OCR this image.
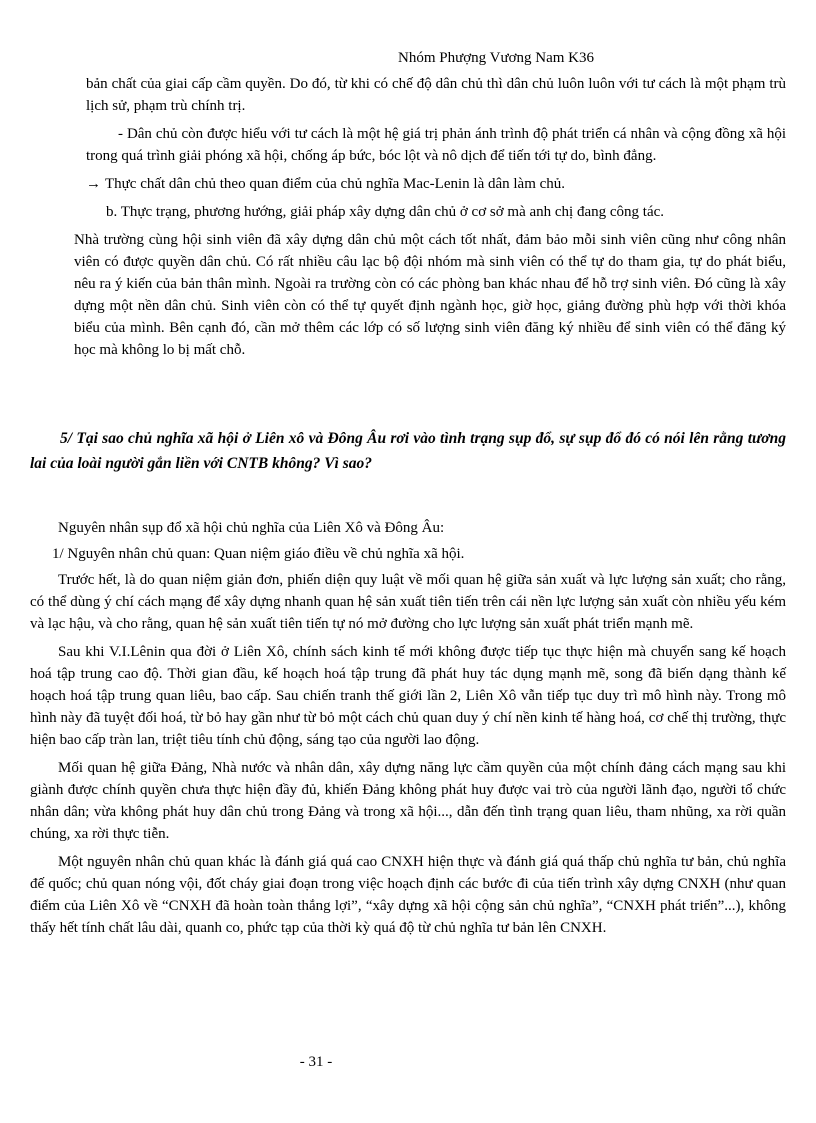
Nhóm Phượng Vương Nam K36

bản chất của giai cấp cầm quyền. Do đó, từ khi có chế độ dân chủ thì dân chủ luôn luôn với tư cách là một phạm trù lịch sử, phạm trù chính trị.

- Dân chủ còn được hiểu với tư cách là một hệ giá trị phản ánh trình độ phát triển cá nhân và cộng đồng xã hội trong quá trình giải phóng xã hội, chống áp bức, bóc lột và nô dịch để tiến tới tự do, bình đẳng.

→ Thực chất dân chủ theo quan điểm của chủ nghĩa Mac-Lenin là dân làm chủ.

b. Thực trạng, phương hướng, giải pháp xây dựng dân chủ ở cơ sở mà anh chị đang công tác.

Nhà trường cùng hội sinh viên đã xây dựng dân chủ một cách tốt nhất, đảm bảo mỗi sinh viên cũng như công nhân viên có được quyền dân chủ. Có rất nhiều câu lạc bộ đội nhóm mà sinh viên có thể tự do tham gia, tự do phát biểu, nêu ra ý kiến của bản thân mình. Ngoài ra trường còn có các phòng ban khác nhau để hỗ trợ sinh viên. Đó cũng là xây dựng một nền dân chủ. Sinh viên còn có thể tự quyết định ngành học, giờ học, giảng đường phù hợp với thời khóa biểu của mình. Bên cạnh đó, cần mở thêm các lớp có số lượng sinh viên đăng ký nhiều để sinh viên có thể đăng ký học mà không lo bị mất chỗ.

5/ Tại sao chủ nghĩa xã hội ở Liên xô và Đông Âu rơi vào tình trạng sụp đổ, sự sụp đổ đó có nói lên rằng tương lai của loài người gắn liền với CNTB không? Vì sao?

Nguyên nhân sụp đổ xã hội chủ nghĩa của Liên Xô và Đông Âu:

1/ Nguyên nhân chủ quan: Quan niệm giáo điều về chủ nghĩa xã hội.

Trước hết, là do quan niệm giản đơn, phiến diện quy luật về mối quan hệ giữa sản xuất và lực lượng sản xuất; cho rằng, có thể dùng ý chí cách mạng để xây dựng nhanh quan hệ sản xuất tiên tiến trên cái nền lực lượng sản xuất còn nhiều yếu kém và lạc hậu, và cho rằng, quan hệ sản xuất tiên tiến tự nó mở đường cho lực lượng sản xuất phát triển mạnh mẽ.

Sau khi V.I.Lênin qua đời ở Liên Xô, chính sách kinh tế mới không được tiếp tục thực hiện mà chuyển sang kế hoạch hoá tập trung cao độ. Thời gian đầu, kế hoạch hoá tập trung đã phát huy tác dụng mạnh mẽ, song đã biến dạng thành kế hoạch hoá tập trung quan liêu, bao cấp. Sau chiến tranh thế giới lần 2, Liên Xô vẫn tiếp tục duy trì mô hình này. Trong mô hình này đã tuyệt đối hoá, từ bỏ hay gần như từ bỏ một cách chủ quan duy ý chí nền kinh tế hàng hoá, cơ chế thị trường, thực hiện bao cấp tràn lan, triệt tiêu tính chủ động, sáng tạo của người lao động.

Mối quan hệ giữa Đảng, Nhà nước và nhân dân, xây dựng năng lực cầm quyền của một chính đảng cách mạng sau khi giành được chính quyền chưa thực hiện đầy đủ, khiến Đảng không phát huy được vai trò của người lãnh đạo, người tổ chức nhân dân; vừa không phát huy dân chủ trong Đảng và trong xã hội..., dẫn đến tình trạng quan liêu, tham nhũng, xa rời quần chúng, xa rời thực tiễn.

Một nguyên nhân chủ quan khác là đánh giá quá cao CNXH hiện thực và đánh giá quá thấp chủ nghĩa tư bản, chủ nghĩa đế quốc; chủ quan nóng vội, đốt cháy giai đoạn trong việc hoạch định các bước đi của tiến trình xây dựng CNXH (như quan điểm của Liên Xô về “CNXH đã hoàn toàn thắng lợi”, “xây dựng xã hội cộng sản chủ nghĩa”, “CNXH phát triển”...), không thấy hết tính chất lâu dài, quanh co, phức tạp của thời kỳ quá độ từ chủ nghĩa tư bản lên CNXH.

- 31 -
